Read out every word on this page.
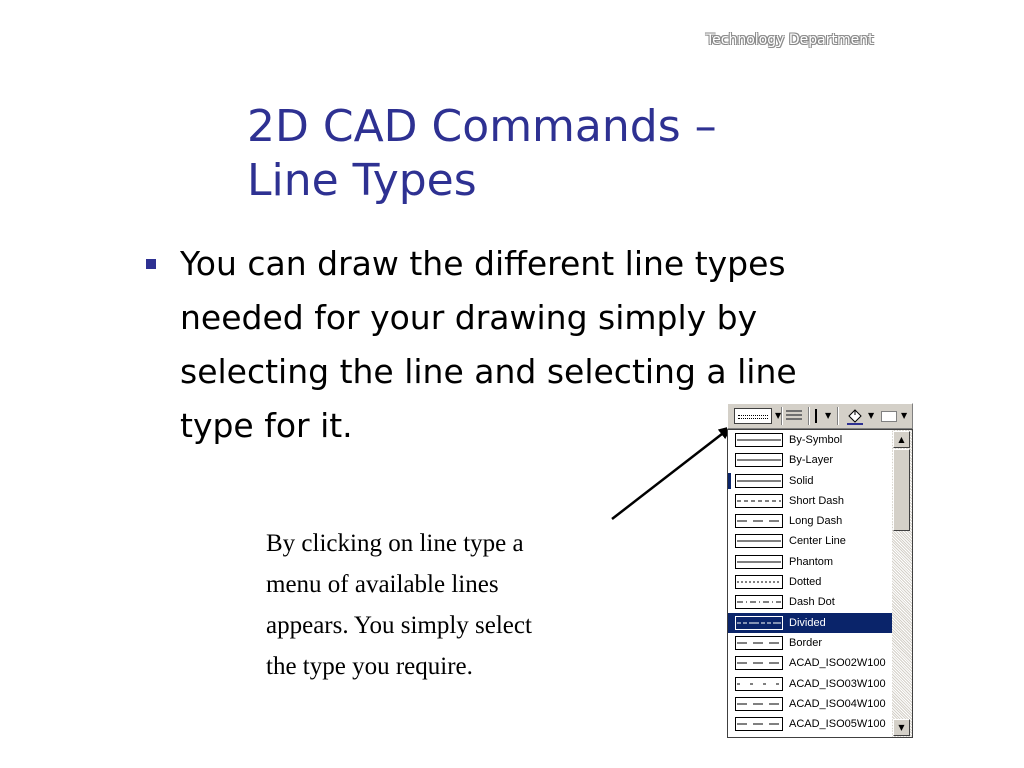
Technology Department
2D CAD Commands –
Line Types
You can draw the different line types
needed for your drawing simply by
selecting the line and selecting a line
type for it.
By clicking on line type a
menu of available lines
appears. You simply select
the type you require.
▼	▼	▼	▼
By-Symbol
By-Layer
Solid
Short Dash
Long Dash
Center Line
Phantom
Dotted
Dash Dot
Divided
Border
ACAD_ISO02W100
ACAD_ISO03W100
ACAD_ISO04W100
ACAD_ISO05W100
▲
▼
